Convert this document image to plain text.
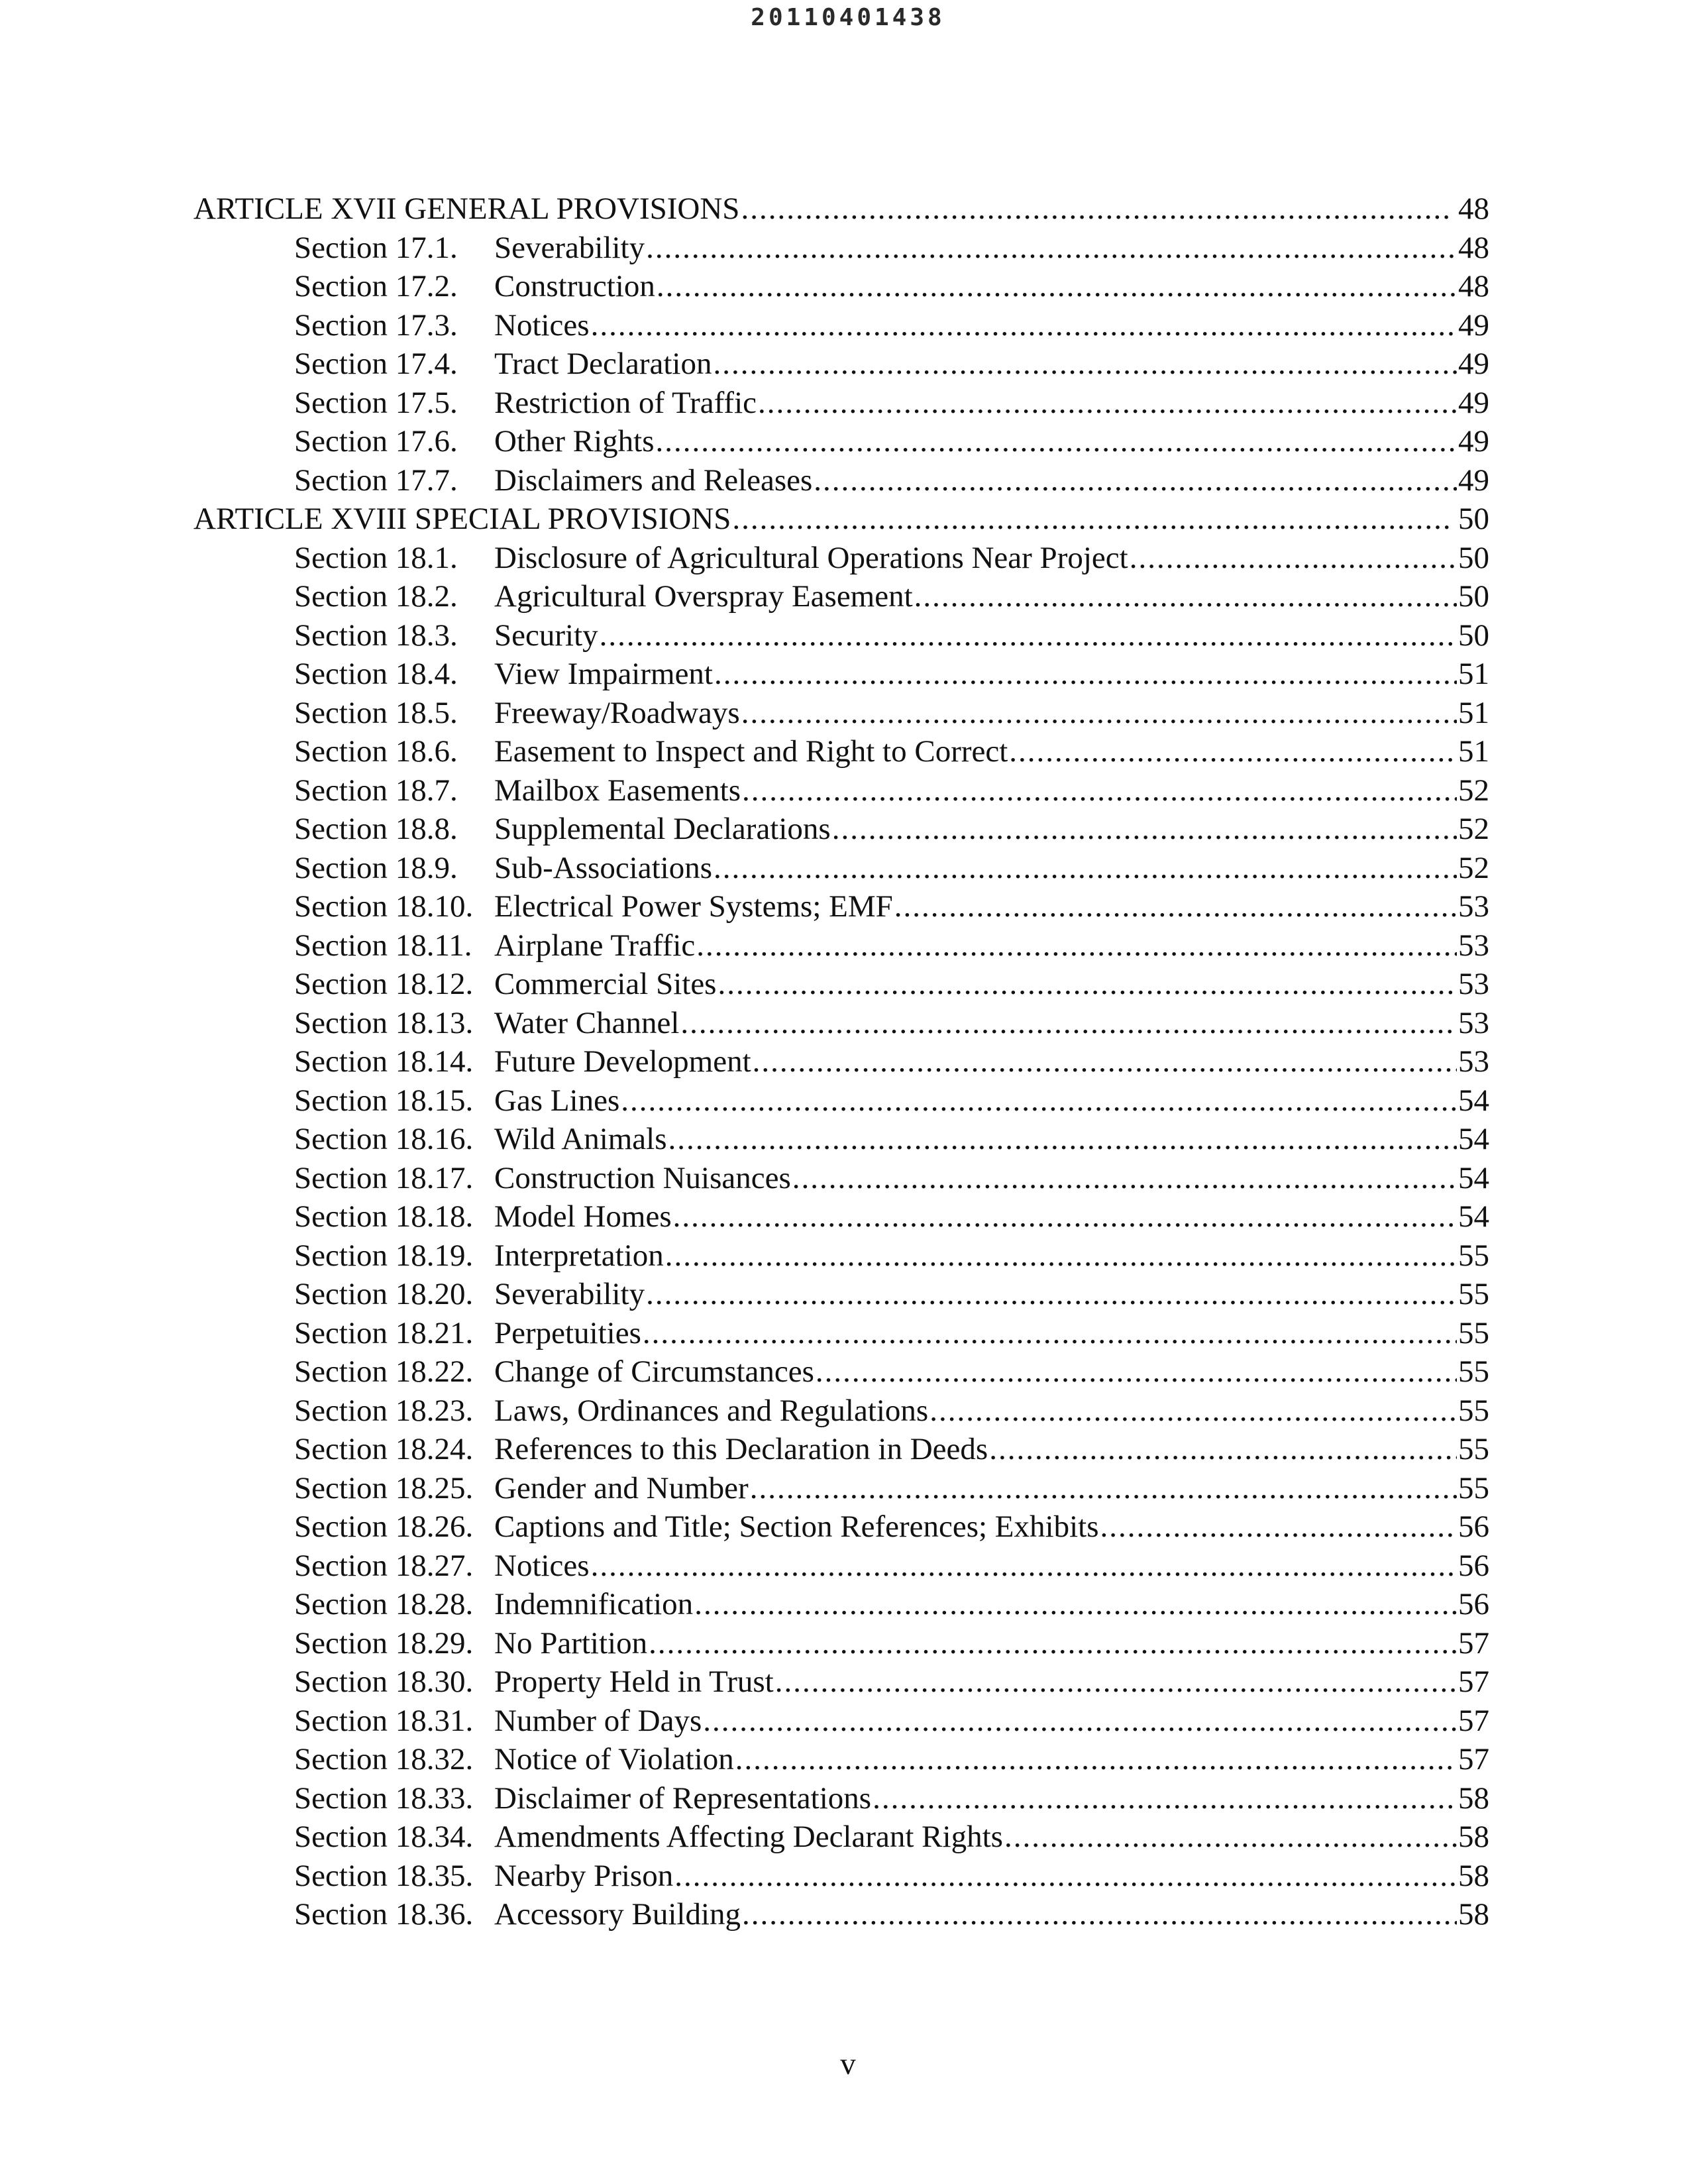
20110401438
ARTICLE XVII GENERAL PROVISIONS .....	48
Section 17.1.	Severability .....	48
Section 17.2.	Construction .....	48
Section 17.3.	Notices .....	49
Section 17.4.	Tract Declaration .....	49
Section 17.5.	Restriction of Traffic .....	49
Section 17.6.	Other Rights .....	49
Section 17.7.	Disclaimers and Releases .....	49
ARTICLE XVIII SPECIAL PROVISIONS .....	50
Section 18.1.	Disclosure of Agricultural Operations Near Project .....	50
Section 18.2.	Agricultural Overspray Easement .....	50
Section 18.3.	Security .....	50
Section 18.4.	View Impairment .....	51
Section 18.5.	Freeway/Roadways .....	51
Section 18.6.	Easement to Inspect and Right to Correct .....	51
Section 18.7.	Mailbox Easements .....	52
Section 18.8.	Supplemental Declarations .....	52
Section 18.9.	Sub-Associations .....	52
Section 18.10. Electrical Power Systems; EMF .....	53
Section 18.11. Airplane Traffic .....	53
Section 18.12. Commercial Sites .....	53
Section 18.13. Water Channel .....	53
Section 18.14. Future Development .....	53
Section 18.15. Gas Lines .....	54
Section 18.16. Wild Animals .....	54
Section 18.17. Construction Nuisances .....	54
Section 18.18. Model Homes .....	54
Section 18.19. Interpretation .....	55
Section 18.20. Severability .....	55
Section 18.21. Perpetuities .....	55
Section 18.22. Change of Circumstances .....	55
Section 18.23. Laws, Ordinances and Regulations .....	55
Section 18.24. References to this Declaration in Deeds .....	55
Section 18.25. Gender and Number .....	55
Section 18.26. Captions and Title; Section References; Exhibits .....	56
Section 18.27. Notices .....	56
Section 18.28. Indemnification .....	56
Section 18.29. No Partition .....	57
Section 18.30. Property Held in Trust .....	57
Section 18.31. Number of Days .....	57
Section 18.32. Notice of Violation .....	57
Section 18.33. Disclaimer of Representations .....	58
Section 18.34. Amendments Affecting Declarant Rights .....	58
Section 18.35. Nearby Prison .....	58
Section 18.36. Accessory Building .....	58
v
